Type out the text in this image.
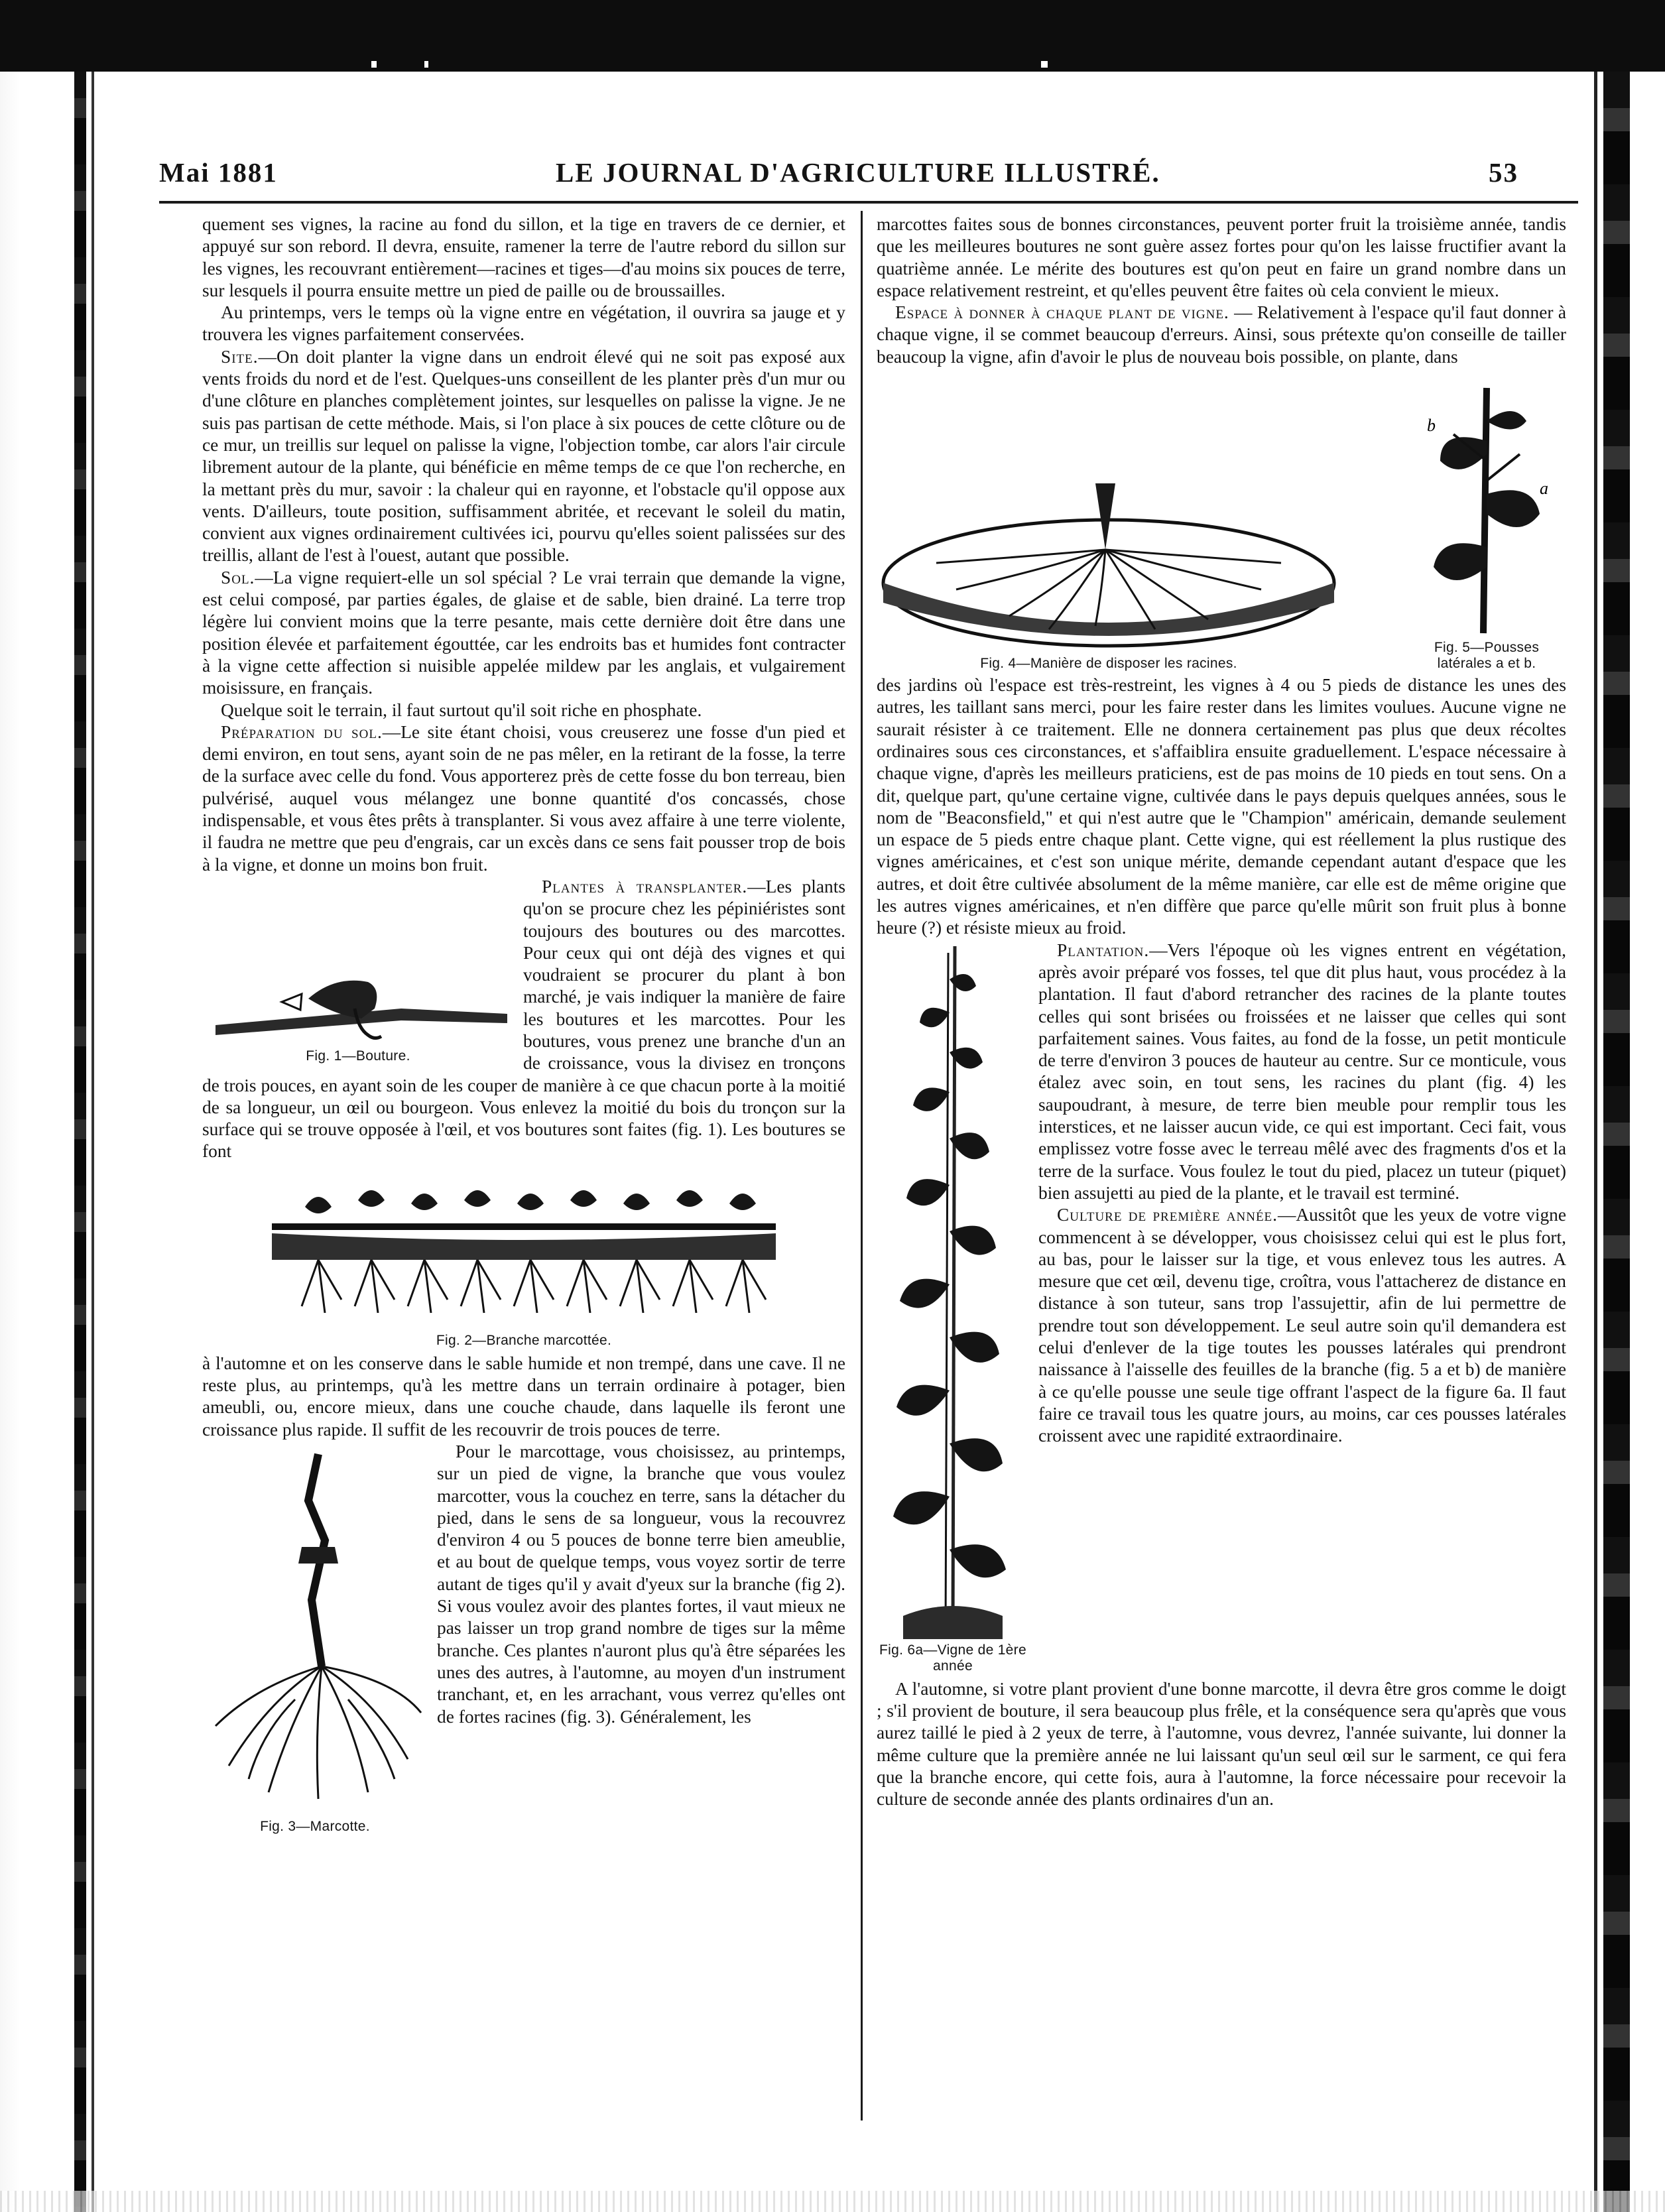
Mai 1881	LE JOURNAL D'AGRICULTURE ILLUSTRÉ.	53

quement ses vignes, la racine au fond du sillon, et la tige en travers de ce dernier, et appuyé sur son rebord. Il devra, ensuite, ramener la terre de l'autre rebord du sillon sur les vignes, les recouvrant entièrement—racines et tiges—d'au moins six pouces de terre, sur lesquels il pourra ensuite mettre un pied de paille ou de broussailles.

Au printemps, vers le temps où la vigne entre en végétation, il ouvrira sa jauge et y trouvera les vignes parfaitement conservées.

Site.—On doit planter la vigne dans un endroit élevé qui ne soit pas exposé aux vents froids du nord et de l'est. Quelques-uns conseillent de les planter près d'un mur ou d'une clôture en planches complètement jointes, sur lesquelles on palisse la vigne. Je ne suis pas partisan de cette méthode. Mais, si l'on place à six pouces de cette clôture ou de ce mur, un treillis sur lequel on palisse la vigne, l'objection tombe, car alors l'air circule librement autour de la plante, qui bénéficie en même temps de ce que l'on recherche, en la mettant près du mur, savoir : la chaleur qui en rayonne, et l'obstacle qu'il oppose aux vents. D'ailleurs, toute position, suffisamment abritée, et recevant le soleil du matin, convient aux vignes ordinairement cultivées ici, pourvu qu'elles soient palissées sur des treillis, allant de l'est à l'ouest, autant que possible.

Sol.—La vigne requiert-elle un sol spécial ? Le vrai terrain que demande la vigne, est celui composé, par parties égales, de glaise et de sable, bien drainé. La terre trop légère lui convient moins que la terre pesante, mais cette dernière doit être dans une position élevée et parfaitement égouttée, car les endroits bas et humides font contracter à la vigne cette affection si nuisible appelée mildew par les anglais, et vulgairement moisissure, en français.

Quelque soit le terrain, il faut surtout qu'il soit riche en phosphate.

Préparation du sol.—Le site étant choisi, vous creuserez une fosse d'un pied et demi environ, en tout sens, ayant soin de ne pas mêler, en la retirant de la fosse, la terre de la surface avec celle du fond. Vous apporterez près de cette fosse du bon terreau, bien pulvérisé, auquel vous mélangez une bonne quantité d'os concassés, chose indispensable, et vous êtes prêts à transplanter. Si vous avez affaire à une terre violente, il faudra ne mettre que peu d'engrais, car un excès dans ce sens fait pousser trop de bois à la vigne, et donne un moins bon fruit.

Fig. 1—Bouture.

Plantes à transplanter.—Les plants qu'on se procure chez les pépiniéristes sont toujours des boutures ou des marcottes. Pour ceux qui ont déjà des vignes et qui voudraient se procurer du plant à bon marché, je vais indiquer la manière de faire les boutures et les marcottes. Pour les boutures, vous prenez une branche d'un an de croissance, vous la divisez en tronçons de trois pouces, en ayant soin de les couper de manière à ce que chacun porte à la moitié de sa longueur, un œil ou bourgeon. Vous enlevez la moitié du bois du tronçon sur la surface qui se trouve opposée à l'œil, et vos boutures sont faites (fig. 1). Les boutures se font

Fig. 2—Branche marcottée.

à l'automne et on les conserve dans le sable humide et non trempé, dans une cave. Il ne reste plus, au printemps, qu'à les mettre dans un terrain ordinaire à potager, bien ameubli, ou, encore mieux, dans une couche chaude, dans laquelle ils feront une croissance plus rapide. Il suffit de les recouvrir de trois pouces de terre.

Fig. 3—Marcotte.

Pour le marcottage, vous choisissez, au printemps, sur un pied de vigne, la branche que vous voulez marcotter, vous la couchez en terre, sans la détacher du pied, dans le sens de sa longueur, vous la recouvrez d'environ 4 ou 5 pouces de bonne terre bien ameublie, et au bout de quelque temps, vous voyez sortir de terre autant de tiges qu'il y avait d'yeux sur la branche (fig 2). Si vous voulez avoir des plantes fortes, il vaut mieux ne pas laisser un trop grand nombre de tiges sur la même branche. Ces plantes n'auront plus qu'à être séparées les unes des autres, à l'automne, au moyen d'un instrument tranchant, et, en les arrachant, vous verrez qu'elles ont de fortes racines (fig. 3). Généralement, les

marcottes faites sous de bonnes circonstances, peuvent porter fruit la troisième année, tandis que les meilleures boutures ne sont guère assez fortes pour qu'on les laisse fructifier avant la quatrième année. Le mérite des boutures est qu'on peut en faire un grand nombre dans un espace relativement restreint, et qu'elles peuvent être faites où cela convient le mieux.

Espace à donner à chaque plant de vigne. — Relativement à l'espace qu'il faut donner à chaque vigne, il se commet beaucoup d'erreurs. Ainsi, sous prétexte qu'on conseille de tailler beaucoup la vigne, afin d'avoir le plus de nouveau bois possible, on plante, dans

Fig. 4—Manière de disposer les racines.
b
a
Fig. 5—Pousses latérales a et b.

des jardins où l'espace est très-restreint, les vignes à 4 ou 5 pieds de distance les unes des autres, les taillant sans merci, pour les faire rester dans les limites voulues. Aucune vigne ne saurait résister à ce traitement. Elle ne donnera certainement pas plus que deux récoltes ordinaires sous ces circonstances, et s'affaiblira ensuite graduellement. L'espace nécessaire à chaque vigne, d'après les meilleurs praticiens, est de pas moins de 10 pieds en tout sens. On a dit, quelque part, qu'une certaine vigne, cultivée dans le pays depuis quelques années, sous le nom de "Beaconsfield," et qui n'est autre que le "Champion" américain, demande seulement un espace de 5 pieds entre chaque plant. Cette vigne, qui est réellement la plus rustique des vignes américaines, et c'est son unique mérite, demande cependant autant d'espace que les autres, et doit être cultivée absolument de la même manière, car elle est de même origine que les autres vignes américaines, et n'en diffère que parce qu'elle mûrit son fruit plus à bonne heure (?) et résiste mieux au froid.

Fig. 6a—Vigne de 1ère année

Plantation.—Vers l'époque où les vignes entrent en végétation, après avoir préparé vos fosses, tel que dit plus haut, vous procédez à la plantation. Il faut d'abord retrancher des racines de la plante toutes celles qui sont brisées ou froissées et ne laisser que celles qui sont parfaitement saines. Vous faites, au fond de la fosse, un petit monticule de terre d'environ 3 pouces de hauteur au centre. Sur ce monticule, vous étalez avec soin, en tout sens, les racines du plant (fig. 4) les saupoudrant, à mesure, de terre bien meuble pour remplir tous les interstices, et ne laisser aucun vide, ce qui est important. Ceci fait, vous emplissez votre fosse avec le terreau mêlé avec des fragments d'os et la terre de la surface. Vous foulez le tout du pied, placez un tuteur (piquet) bien assujetti au pied de la plante, et le travail est terminé.

Culture de première année.—Aussitôt que les yeux de votre vigne commencent à se développer, vous choisissez celui qui est le plus fort, au bas, pour le laisser sur la tige, et vous enlevez tous les autres. A mesure que cet œil, devenu tige, croîtra, vous l'attacherez de distance en distance à son tuteur, sans trop l'assujettir, afin de lui permettre de prendre tout son développement. Le seul autre soin qu'il demandera est celui d'enlever de la tige toutes les pousses latérales qui prendront naissance à l'aisselle des feuilles de la branche (fig. 5 a et b) de manière à ce qu'elle pousse une seule tige offrant l'aspect de la figure 6a. Il faut faire ce travail tous les quatre jours, au moins, car ces pousses latérales croissent avec une rapidité extraordinaire.

A l'automne, si votre plant provient d'une bonne marcotte, il devra être gros comme le doigt ; s'il provient de bouture, il sera beaucoup plus frêle, et la conséquence sera qu'après que vous aurez taillé le pied à 2 yeux de terre, à l'automne, vous devrez, l'année suivante, lui donner la même culture que la première année ne lui laissant qu'un seul œil sur le sarment, ce qui fera que la branche encore, qui cette fois, aura à l'automne, la force nécessaire pour recevoir la culture de seconde année des plants ordinaires d'un an.
